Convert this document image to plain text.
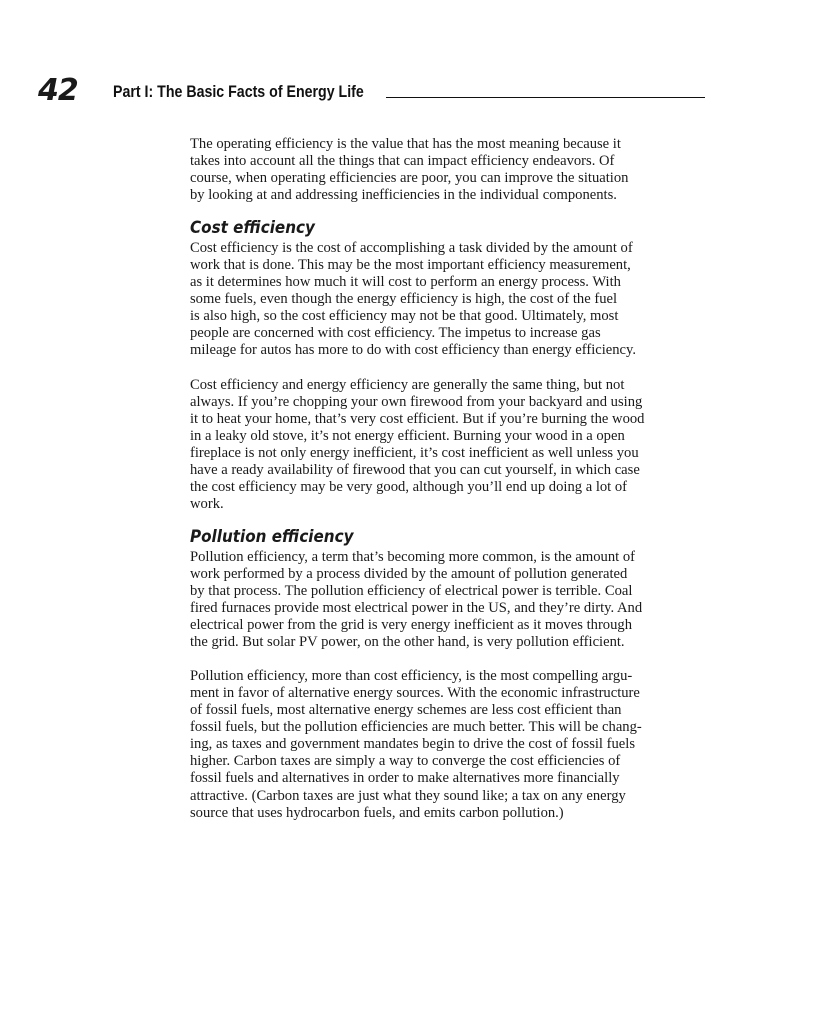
42 Part I: The Basic Facts of Energy Life

The operating efficiency is the value that has the most meaning because it
takes into account all the things that can impact efficiency endeavors. Of
course, when operating efficiencies are poor, you can improve the situation
by looking at and addressing inefficiencies in the individual components.

Cost efficiency

Cost efficiency is the cost of accomplishing a task divided by the amount of
work that is done. This may be the most important efficiency measurement,
as it determines how much it will cost to perform an energy process. With
some fuels, even though the energy efficiency is high, the cost of the fuel
is also high, so the cost efficiency may not be that good. Ultimately, most
people are concerned with cost efficiency. The impetus to increase gas
mileage for autos has more to do with cost efficiency than energy efficiency.

Cost efficiency and energy efficiency are generally the same thing, but not
always. If you’re chopping your own firewood from your backyard and using
it to heat your home, that’s very cost efficient. But if you’re burning the wood
in a leaky old stove, it’s not energy efficient. Burning your wood in a open
fireplace is not only energy inefficient, it’s cost inefficient as well unless you
have a ready availability of firewood that you can cut yourself, in which case
the cost efficiency may be very good, although you’ll end up doing a lot of
work.

Pollution efficiency

Pollution efficiency, a term that’s becoming more common, is the amount of
work performed by a process divided by the amount of pollution generated
by that process. The pollution efficiency of electrical power is terrible. Coal
fired furnaces provide most electrical power in the US, and they’re dirty. And
electrical power from the grid is very energy inefficient as it moves through
the grid. But solar PV power, on the other hand, is very pollution efficient.

Pollution efficiency, more than cost efficiency, is the most compelling argu-
ment in favor of alternative energy sources. With the economic infrastructure
of fossil fuels, most alternative energy schemes are less cost efficient than
fossil fuels, but the pollution efficiencies are much better. This will be chang-
ing, as taxes and government mandates begin to drive the cost of fossil fuels
higher. Carbon taxes are simply a way to converge the cost efficiencies of
fossil fuels and alternatives in order to make alternatives more financially
attractive. (Carbon taxes are just what they sound like; a tax on any energy
source that uses hydrocarbon fuels, and emits carbon pollution.)
